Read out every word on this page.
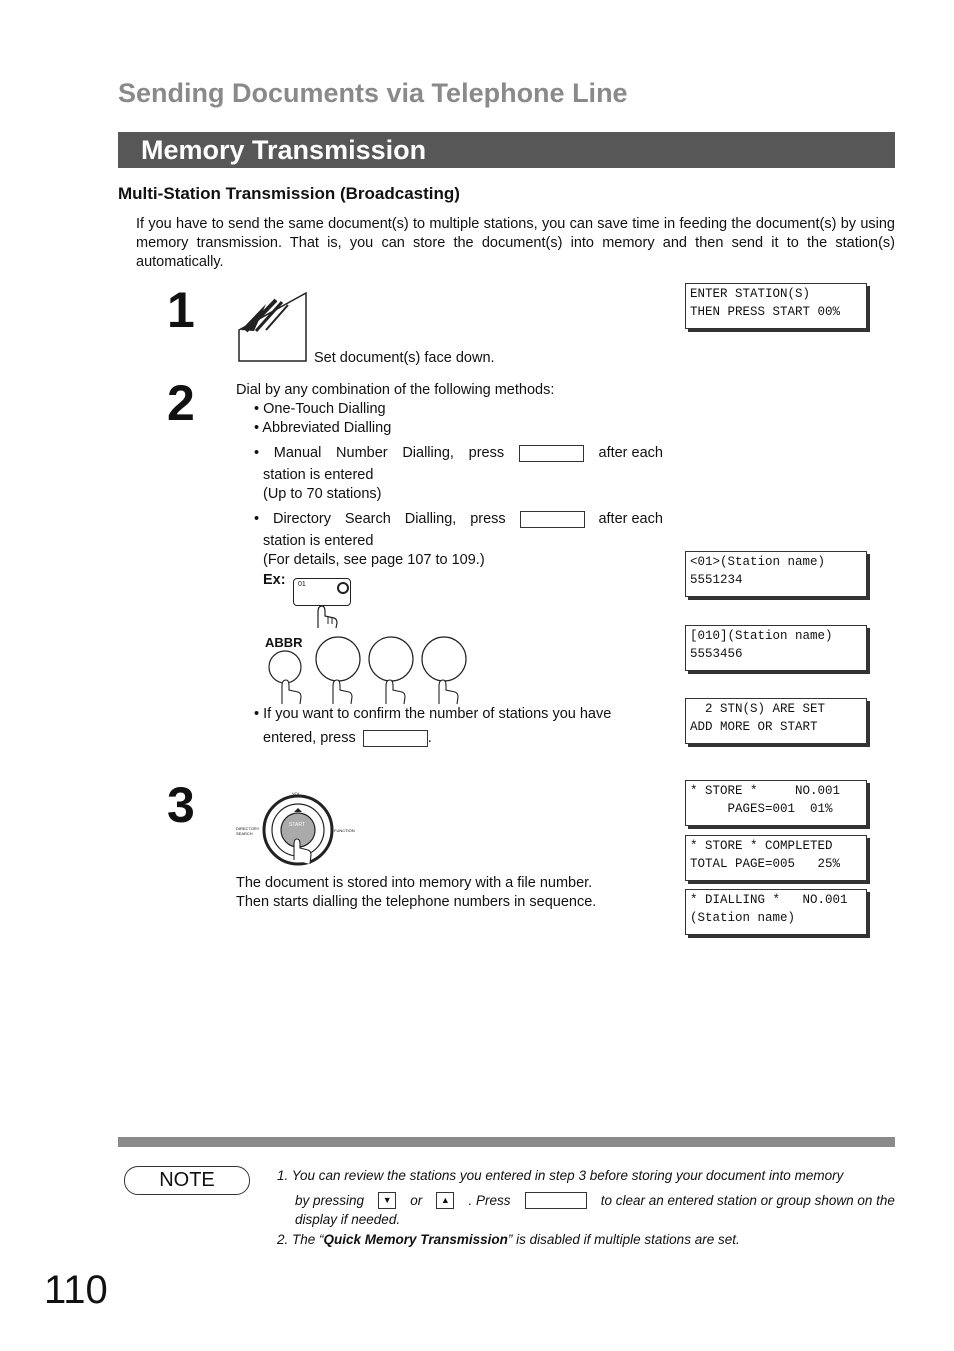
Sending Documents via Telephone Line
Memory Transmission
Multi-Station Transmission (Broadcasting)
If you have to send the same document(s) to multiple stations, you can save time in feeding the document(s) by using memory transmission. That is, you can store the document(s) into memory and then send it to the station(s) automatically.
1
Set document(s) face down.
ENTER STATION(S)
THEN PRESS START 00%
2	Dial by any combination of the following methods:
• One-Touch Dialling
• Abbreviated Dialling
• Manual Number Dialling, press	after each
station is entered
(Up to 70 stations)
• Directory Search Dialling, press	after each
station is entered
(For details, see page 107 to 109.)
Ex: 01
ABBR
• If you want to confirm the number of stations you have
entered, press	.
<01>(Station name)
5551234
[010](Station name)
5553456
2 STN(S) ARE SET
ADD MORE OR START
3	START
VOL.
DIRECTORY SEARCH
FUNCTION
The document is stored into memory with a file number.
Then starts dialling the telephone numbers in sequence.
* STORE *     NO.001
PAGES=001  01%
* STORE * COMPLETED
TOTAL PAGE=005   25%
* DIALLING *   NO.001
(Station name)
NOTE	1. You can review the stations you entered in step 3 before storing your document into memory
by pressing	▼	or	▲	. Press	to clear an entered station or group shown on the
display if needed.
2. The “Quick Memory Transmission” is disabled if multiple stations are set.
110
